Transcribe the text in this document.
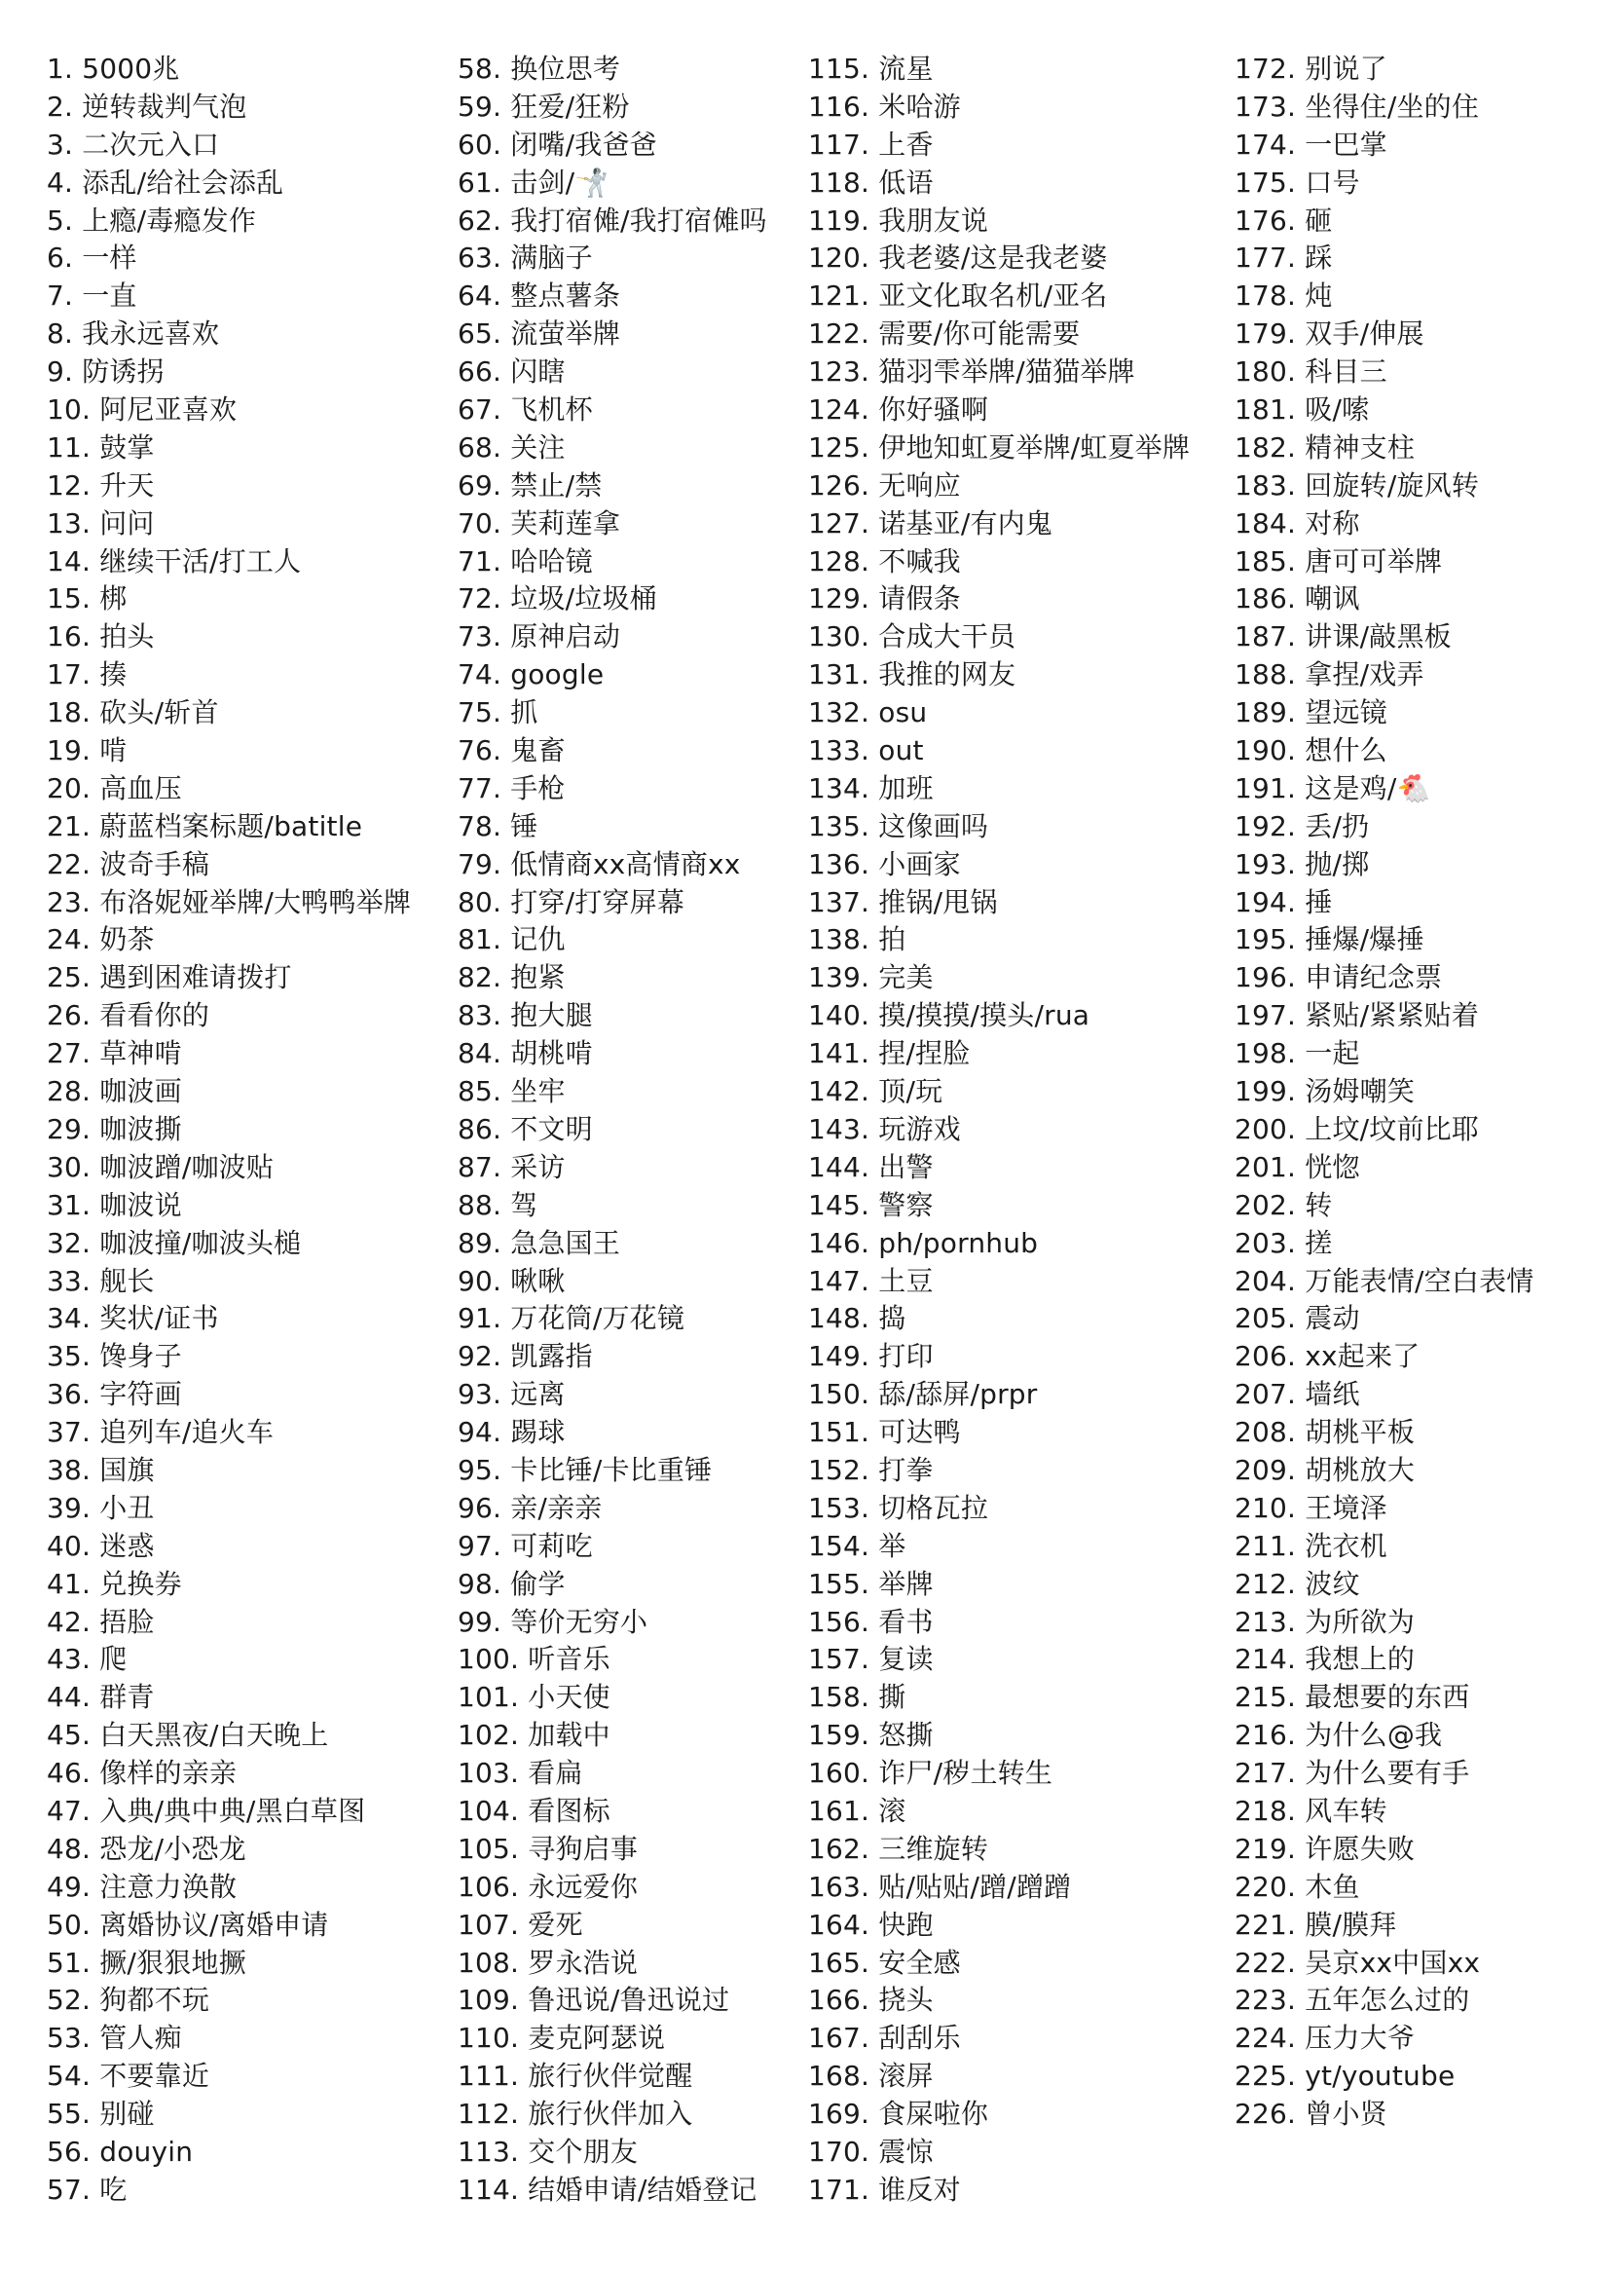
1. 5000兆
2. 逆转裁判气泡
3. 二次元入口
4. 添乱/给社会添乱
5. 上瘾/毒瘾发作
6. 一样
7. 一直
8. 我永远喜欢
9. 防诱拐
10. 阿尼亚喜欢
11. 鼓掌
12. 升天
13. 问问
14. 继续干活/打工人
15. 梆
16. 拍头
17. 揍
18. 砍头/斩首
19. 啃
20. 高血压
21. 蔚蓝档案标题/batitle
22. 波奇手稿
23. 布洛妮娅举牌/大鸭鸭举牌
24. 奶茶
25. 遇到困难请拨打
26. 看看你的
27. 草神啃
28. 咖波画
29. 咖波撕
30. 咖波蹭/咖波贴
31. 咖波说
32. 咖波撞/咖波头槌
33. 舰长
34. 奖状/证书
35. 馋身子
36. 字符画
37. 追列车/追火车
38. 国旗
39. 小丑
40. 迷惑
41. 兑换券
42. 捂脸
43. 爬
44. 群青
45. 白天黑夜/白天晚上
46. 像样的亲亲
47. 入典/典中典/黑白草图
48. 恐龙/小恐龙
49. 注意力涣散
50. 离婚协议/离婚申请
51. 撅/狠狠地撅
52. 狗都不玩
53. 管人痴
54. 不要靠近
55. 别碰
56. douyin
57. 吃
58. 换位思考
59. 狂爱/狂粉
60. 闭嘴/我爸爸
61. 击剑/🤺
62. 我打宿傩/我打宿傩吗
63. 满脑子
64. 整点薯条
65. 流萤举牌
66. 闪瞎
67. 飞机杯
68. 关注
69. 禁止/禁
70. 芙莉莲拿
71. 哈哈镜
72. 垃圾/垃圾桶
73. 原神启动
74. google
75. 抓
76. 鬼畜
77. 手枪
78. 锤
79. 低情商xx高情商xx
80. 打穿/打穿屏幕
81. 记仇
82. 抱紧
83. 抱大腿
84. 胡桃啃
85. 坐牢
86. 不文明
87. 采访
88. 驾
89. 急急国王
90. 啾啾
91. 万花筒/万花镜
92. 凯露指
93. 远离
94. 踢球
95. 卡比锤/卡比重锤
96. 亲/亲亲
97. 可莉吃
98. 偷学
99. 等价无穷小
100. 听音乐
101. 小天使
102. 加载中
103. 看扁
104. 看图标
105. 寻狗启事
106. 永远爱你
107. 爱死
108. 罗永浩说
109. 鲁迅说/鲁迅说过
110. 麦克阿瑟说
111. 旅行伙伴觉醒
112. 旅行伙伴加入
113. 交个朋友
114. 结婚申请/结婚登记
115. 流星
116. 米哈游
117. 上香
118. 低语
119. 我朋友说
120. 我老婆/这是我老婆
121. 亚文化取名机/亚名
122. 需要/你可能需要
123. 猫羽雫举牌/猫猫举牌
124. 你好骚啊
125. 伊地知虹夏举牌/虹夏举牌
126. 无响应
127. 诺基亚/有内鬼
128. 不喊我
129. 请假条
130. 合成大干员
131. 我推的网友
132. osu
133. out
134. 加班
135. 这像画吗
136. 小画家
137. 推锅/甩锅
138. 拍
139. 完美
140. 摸/摸摸/摸头/rua
141. 捏/捏脸
142. 顶/玩
143. 玩游戏
144. 出警
145. 警察
146. ph/pornhub
147. 土豆
148. 捣
149. 打印
150. 舔/舔屏/prpr
151. 可达鸭
152. 打拳
153. 切格瓦拉
154. 举
155. 举牌
156. 看书
157. 复读
158. 撕
159. 怒撕
160. 诈尸/秽土转生
161. 滚
162. 三维旋转
163. 贴/贴贴/蹭/蹭蹭
164. 快跑
165. 安全感
166. 挠头
167. 刮刮乐
168. 滚屏
169. 食屎啦你
170. 震惊
171. 谁反对
172. 别说了
173. 坐得住/坐的住
174. 一巴掌
175. 口号
176. 砸
177. 踩
178. 炖
179. 双手/伸展
180. 科目三
181. 吸/嗦
182. 精神支柱
183. 回旋转/旋风转
184. 对称
185. 唐可可举牌
186. 嘲讽
187. 讲课/敲黑板
188. 拿捏/戏弄
189. 望远镜
190. 想什么
191. 这是鸡/🐔
192. 丢/扔
193. 抛/掷
194. 捶
195. 捶爆/爆捶
196. 申请纪念票
197. 紧贴/紧紧贴着
198. 一起
199. 汤姆嘲笑
200. 上坟/坟前比耶
201. 恍惚
202. 转
203. 搓
204. 万能表情/空白表情
205. 震动
206. xx起来了
207. 墙纸
208. 胡桃平板
209. 胡桃放大
210. 王境泽
211. 洗衣机
212. 波纹
213. 为所欲为
214. 我想上的
215. 最想要的东西
216. 为什么@我
217. 为什么要有手
218. 风车转
219. 许愿失败
220. 木鱼
221. 膜/膜拜
222. 吴京xx中国xx
223. 五年怎么过的
224. 压力大爷
225. yt/youtube
226. 曾小贤
